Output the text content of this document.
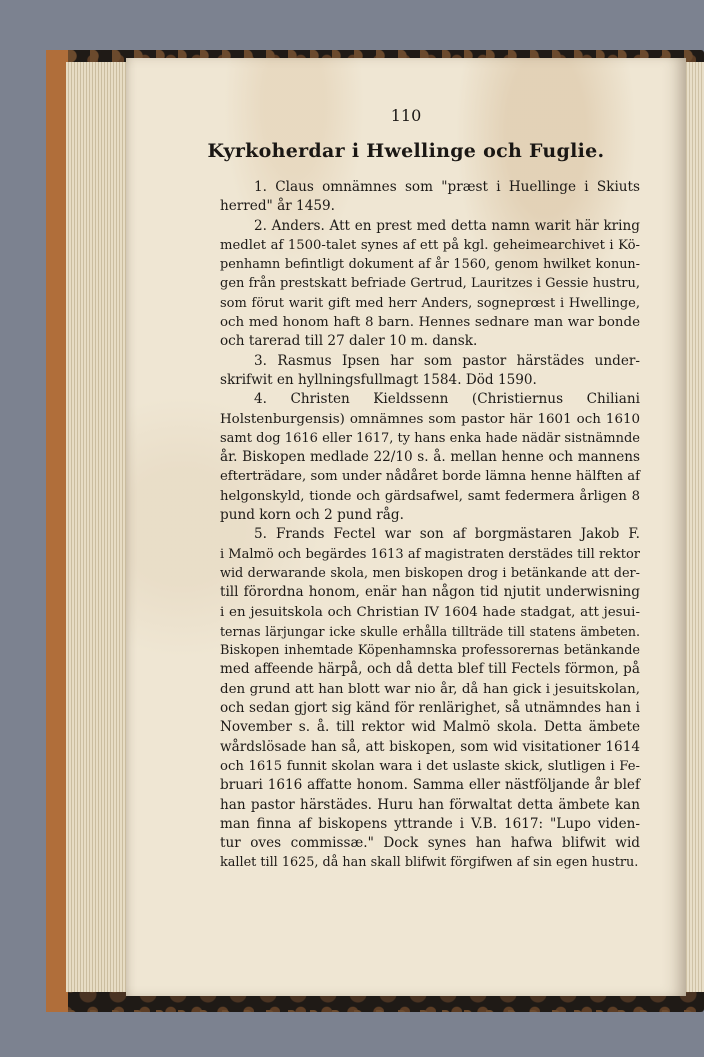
110
Kyrkoherdar i Hwellinge och Fuglie.
1. Claus omnämnes som "præst i Huellinge i Skiuts
herred" år 1459.
2. Anders. Att en prest med detta namn warit här kring
medlet af 1500-talet synes af ett på kgl. geheimearchivet i Kö-
penhamn befintligt dokument af år 1560, genom hwilket konun-
gen från prestskatt befriade Gertrud, Lauritzes i Gessie hustru,
som förut warit gift med herr Anders, sogneprœst i Hwellinge,
och med honom haft 8 barn. Hennes sednare man war bonde
och tarerad till 27 daler 10 m. dansk.
3. Rasmus Ipsen har som pastor härstädes under-
skrifwit en hyllningsfullmagt 1584. Död 1590.
4. Christen Kieldssenn (Christiernus Chiliani
Holstenburgensis) omnämnes som pastor här 1601 och 1610
samt dog 1616 eller 1617, ty hans enka hade nädär sistnämnde
år. Biskopen medlade 22/10 s. å. mellan henne och mannens
efterträdare, som under nådåret borde lämna henne hälften af
helgonskyld, tionde och gärdsafwel, samt federmera årligen 8
pund korn och 2 pund råg.
5. Frands Fectel war son af borgmästaren Jakob F.
i Malmö och begärdes 1613 af magistraten derstädes till rektor
wid derwarande skola, men biskopen drog i betänkande att der-
till förordna honom, enär han någon tid njutit underwisning
i en jesuitskola och Christian IV 1604 hade stadgat, att jesui-
ternas lärjungar icke skulle erhålla tillträde till statens ämbeten.
Biskopen inhemtade Köpenhamnska professorernas betänkande
med affeende härpå, och då detta blef till Fectels förmon, på
den grund att han blott war nio år, då han gick i jesuitskolan,
och sedan gjort sig känd för renlärighet, så utnämndes han i
November s. å. till rektor wid Malmö skola. Detta ämbete
wårdslösade han så, att biskopen, som wid visitationer 1614
och 1615 funnit skolan wara i det uslaste skick, slutligen i Fe-
bruari 1616 affatte honom. Samma eller nästföljande år blef
han pastor härstädes. Huru han förwaltat detta ämbete kan
man finna af biskopens yttrande i V.B. 1617: "Lupo viden-
tur oves commissæ." Dock synes han hafwa blifwit wid
kallet till 1625, då han skall blifwit förgifwen af sin egen hustru.
